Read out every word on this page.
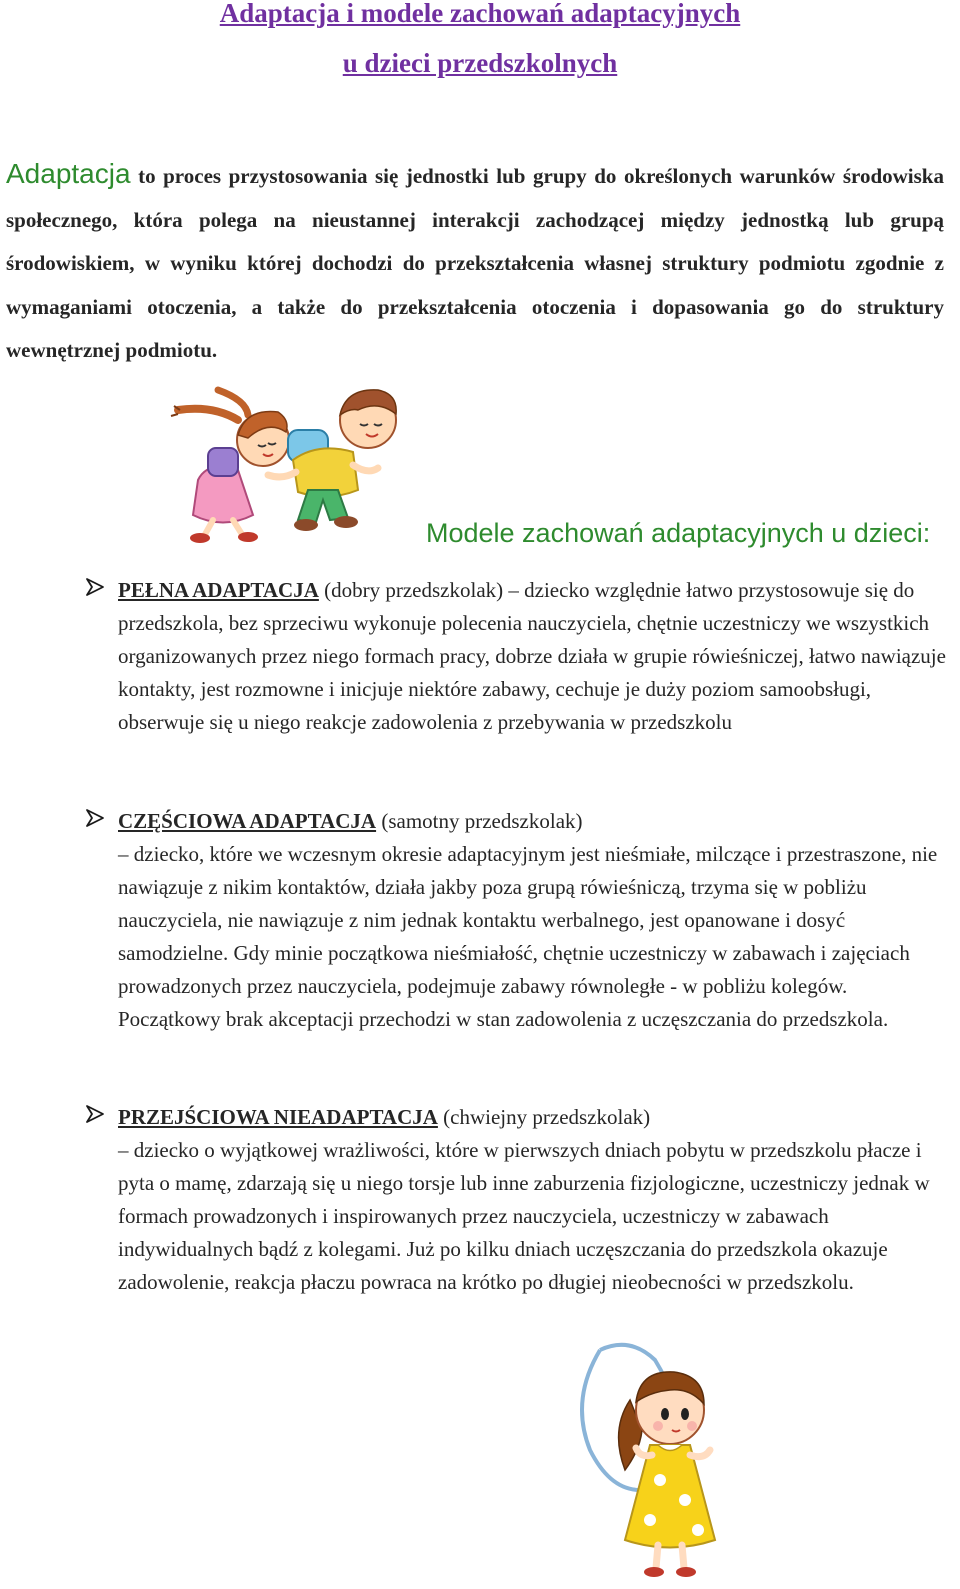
Adaptacja i modele zachowań adaptacyjnych
u dzieci przedszkolnych

Adaptacja to proces przystosowania się jednostki lub grupy do określonych warunków środowiska społecznego, która polega na nieustannej interakcji zachodzącej między jednostką lub grupą środowiskiem, w wyniku której dochodzi do przekształcenia własnej struktury podmiotu zgodnie z wymaganiami otoczenia, a także do przekształcenia otoczenia i dopasowania go do struktury wewnętrznej podmiotu.

Modele zachowań adaptacyjnych u dzieci:
PEŁNA ADAPTACJA (dobry przedszkolak) – dziecko względnie łatwo przystosowuje się do przedszkola, bez sprzeciwu wykonuje polecenia nauczyciela, chętnie uczestniczy we wszystkich organizowanych przez niego formach pracy, dobrze działa w grupie rówieśniczej, łatwo nawiązuje kontakty, jest rozmowne i inicjuje niektóre zabawy, cechuje je duży poziom samoobsługi, obserwuje się u niego reakcje zadowolenia z przebywania w przedszkolu
CZĘŚCIOWA ADAPTACJA (samotny przedszkolak)
– dziecko, które we wczesnym okresie adaptacyjnym jest nieśmiałe, milczące i przestraszone, nie nawiązuje z nikim kontaktów, działa jakby poza grupą rówieśniczą, trzyma się w pobliżu nauczyciela, nie nawiązuje z nim jednak kontaktu werbalnego, jest opanowane i dosyć samodzielne. Gdy minie początkowa nieśmiałość, chętnie uczestniczy w zabawach i zajęciach prowadzonych przez nauczyciela, podejmuje zabawy równoległe - w pobliżu kolegów. Początkowy brak akceptacji przechodzi w stan zadowolenia z uczęszczania do przedszkola.
PRZEJŚCIOWA NIEADAPTACJA (chwiejny przedszkolak)
– dziecko o wyjątkowej wrażliwości, które w pierwszych dniach pobytu w przedszkolu płacze i pyta o mamę, zdarzają się u niego torsje lub inne zaburzenia fizjologiczne, uczestniczy jednak w formach prowadzonych i inspirowanych przez nauczyciela, uczestniczy w zabawach indywidualnych bądź z kolegami. Już po kilku dniach uczęszczania do przedszkola okazuje zadowolenie, reakcja płaczu powraca na krótko po długiej nieobecności w przedszkolu.
